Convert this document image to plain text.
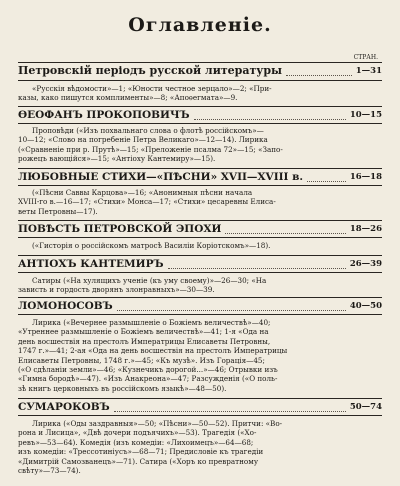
Оглавленіе.
СТРАН.
Петровскій періодъ русской литературы	1—31
«Русскія вѣдомости»—1; «Юности честное зерцало»—2; «При-
казы, како пишутся комплименты»—8; «Апоѳегмата»—9.
ѲЕОФАНЪ ПРОКОПОВИЧЪ	10—15
Проповѣди («Изъ похвальнаго слова о флотѣ россійскомъ»—
10—12; «Слово на погребеніе Петра Великаго»—12—14). Лирика
(«Сравненіе при р. Прутѣ»—15; «Преложеніе псалма 72»—15; «Запо-
рожецъ вающійся»—15; «Антіоху Кантемиру»—15).
ЛЮБОВНЫЕ СТИХИ—«ПѢСНИ» XVII—XVIII в.	16—18
(«Пѣсни Саввы Карцова»—16; «Анонимныя пѣсни начала
XVIII-го в.—16—17; «Стихи» Монса—17; «Стихи» цесаревны Елиса-
веты Петровны—17).
ПОВѢСТЬ ПЕТРОВСКОЙ ЭПОХИ	18—26
(«Гисторія о россійскомъ матросѣ Василіи Коріотскомъ»—18).
АНТІОХЪ КАНТЕМИРЪ	26—39
Сатиры («На хулящихъ ученіе (къ уму своему)»—26—30; «На
зависть и гордость дворянъ злонравныхъ»—30—39.
ЛОМОНОСОВЪ	40—50
Лирика («Вечернее размышленіе о Божіемъ величествѣ»—40;
«Утреннее размышленіе о Божіемъ величествѣ»—41; 1-я «Ода на
день восшествія на престолъ Императрицы Елисаветы Петровны,
1747 г.»—41; 2-ая «Ода на день восшествія на престолъ Императрицы
Елисаветы Петровны, 1748 г.»—45; «Къ музѣ». Изъ Горація—45;
(«О сдѣланіи земли»—46; «Кузнечикъ дорогой...»—46; Отрывки изъ
«Гимна бородѣ»—47). «Изъ Анакреона»—47; Разсужденія («О поль-
зѣ книгъ церковныхъ въ россійскомъ языкѣ»—48—50).
СУМАРОКОВЪ	50—74
Лирика («Оды заздравныя»—50; «Пѣсни»—50—52). Притчи: «Во-
рона и Лисица», «Двѣ дочери подъячихъ»—53). Трагедія («Хо-
ревъ»—53—64). Комедія (изъ комедіи: «Лихоимецъ»—64—68;
изъ комедіи: «Трессотиніусъ»—68—71; Предисловіе къ трагедіи
«Димитрій Самозванецъ»—71). Сатира («Хоръ ко превратному
свѣту»—73—74).
